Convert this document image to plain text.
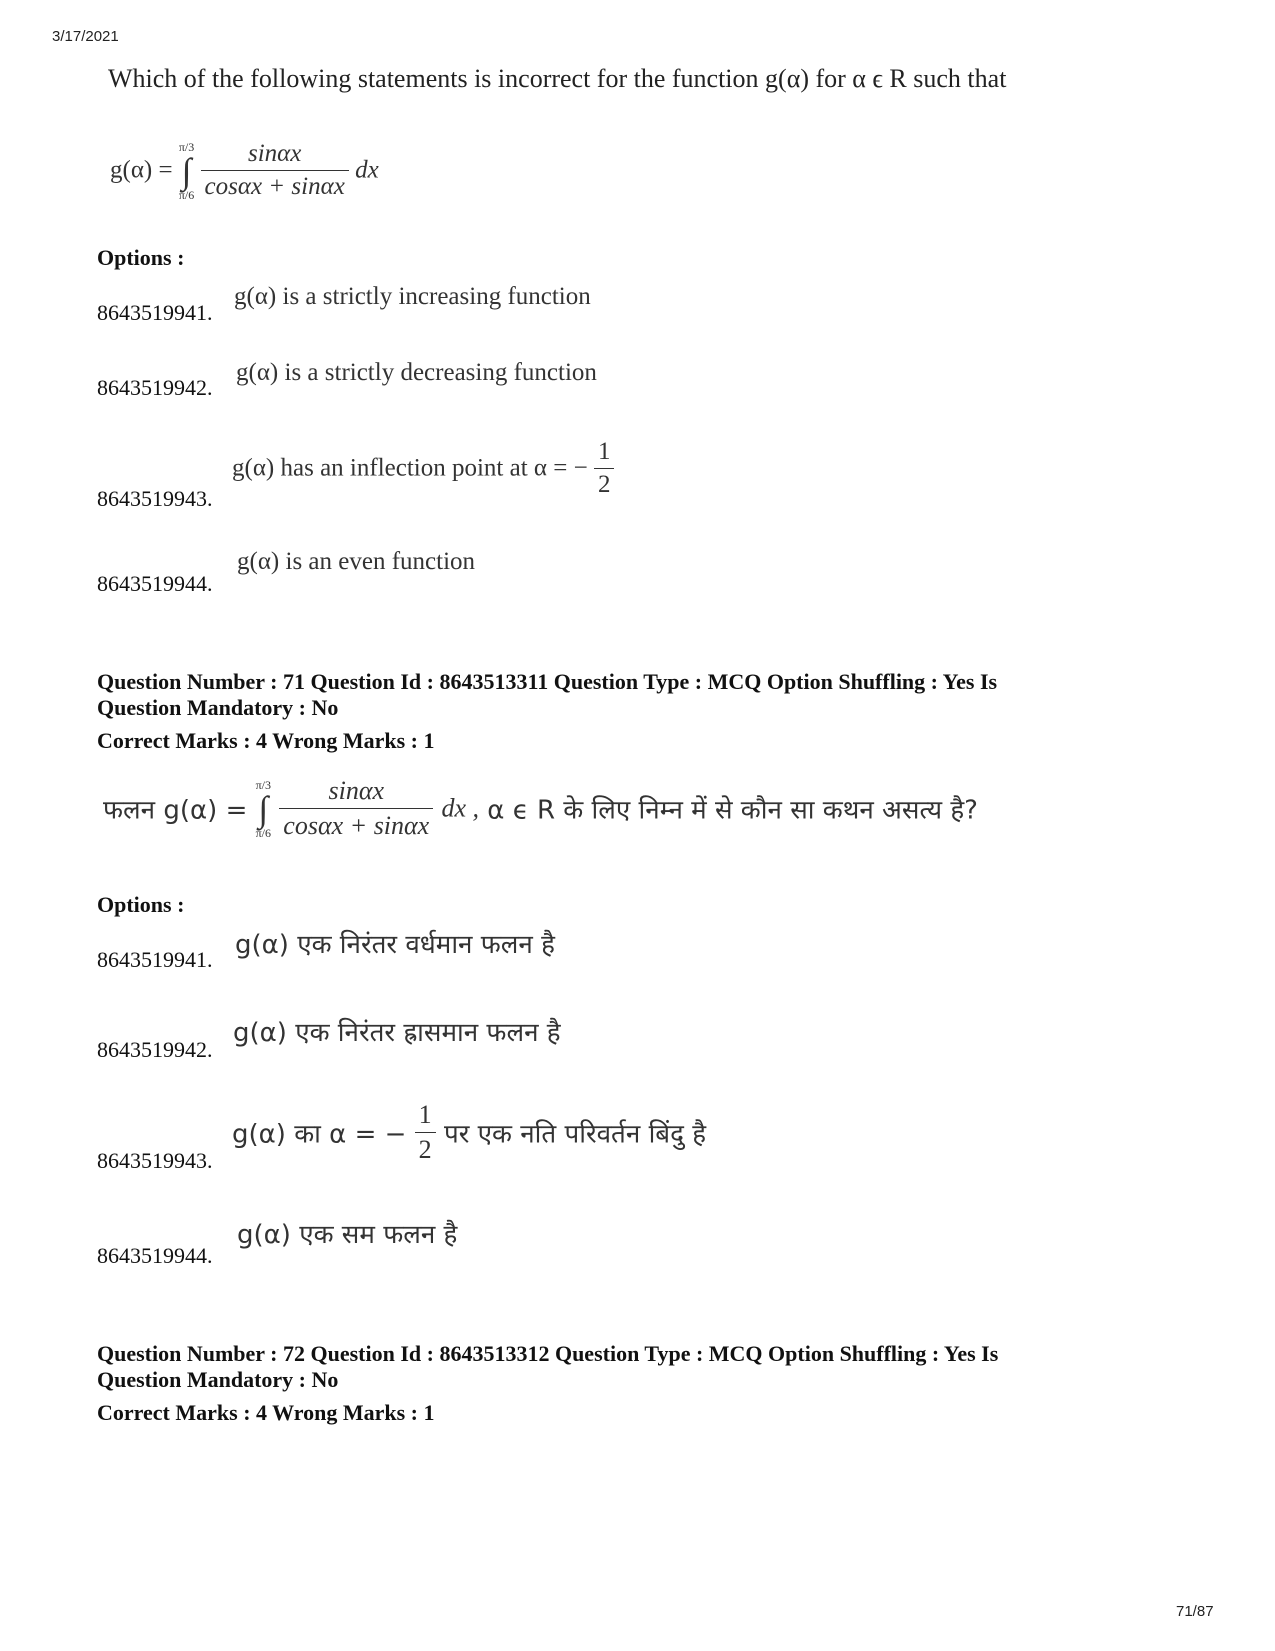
3/17/2021
Which of the following statements is incorrect for the function g(α) for α ϵ R such that
g(α) =
π/3
∫
π/6
$\frac{\sin\alpha x}{\cos\alpha x + \sin\alpha x}$ dx
Options :
8643519941.
g(α) is a strictly increasing function
8643519942.
g(α) is a strictly decreasing function
8643519943.
g(α) has an inflection point at α = − $\frac{1}{2}$
8643519944.
g(α) is an even function
Question Number : 71 Question Id : 8643513311 Question Type : MCQ Option Shuffling : Yes Is
Question Mandatory : No
Correct Marks : 4 Wrong Marks : 1
फलन g(α) =
π/3
∫
π/6
$\frac{\sin\alpha x}{\cos\alpha x + \sin\alpha x}$ dx , α ϵ R के लिए निम्न में से कौन सा कथन असत्य है?
Options :
8643519941. g(α) एक निरंतर वर्धमान फलन है
8643519942.
g(α) एक निरंतर ह्रासमान फलन है
8643519943.
g(α) का α = − $\frac{1}{2}$ पर एक नति परिवर्तन बिंदु है
8643519944.
g(α) एक सम फलन है
Question Number : 72 Question Id : 8643513312 Question Type : MCQ Option Shuffling : Yes Is
Question Mandatory : No
Correct Marks : 4 Wrong Marks : 1
71/87
